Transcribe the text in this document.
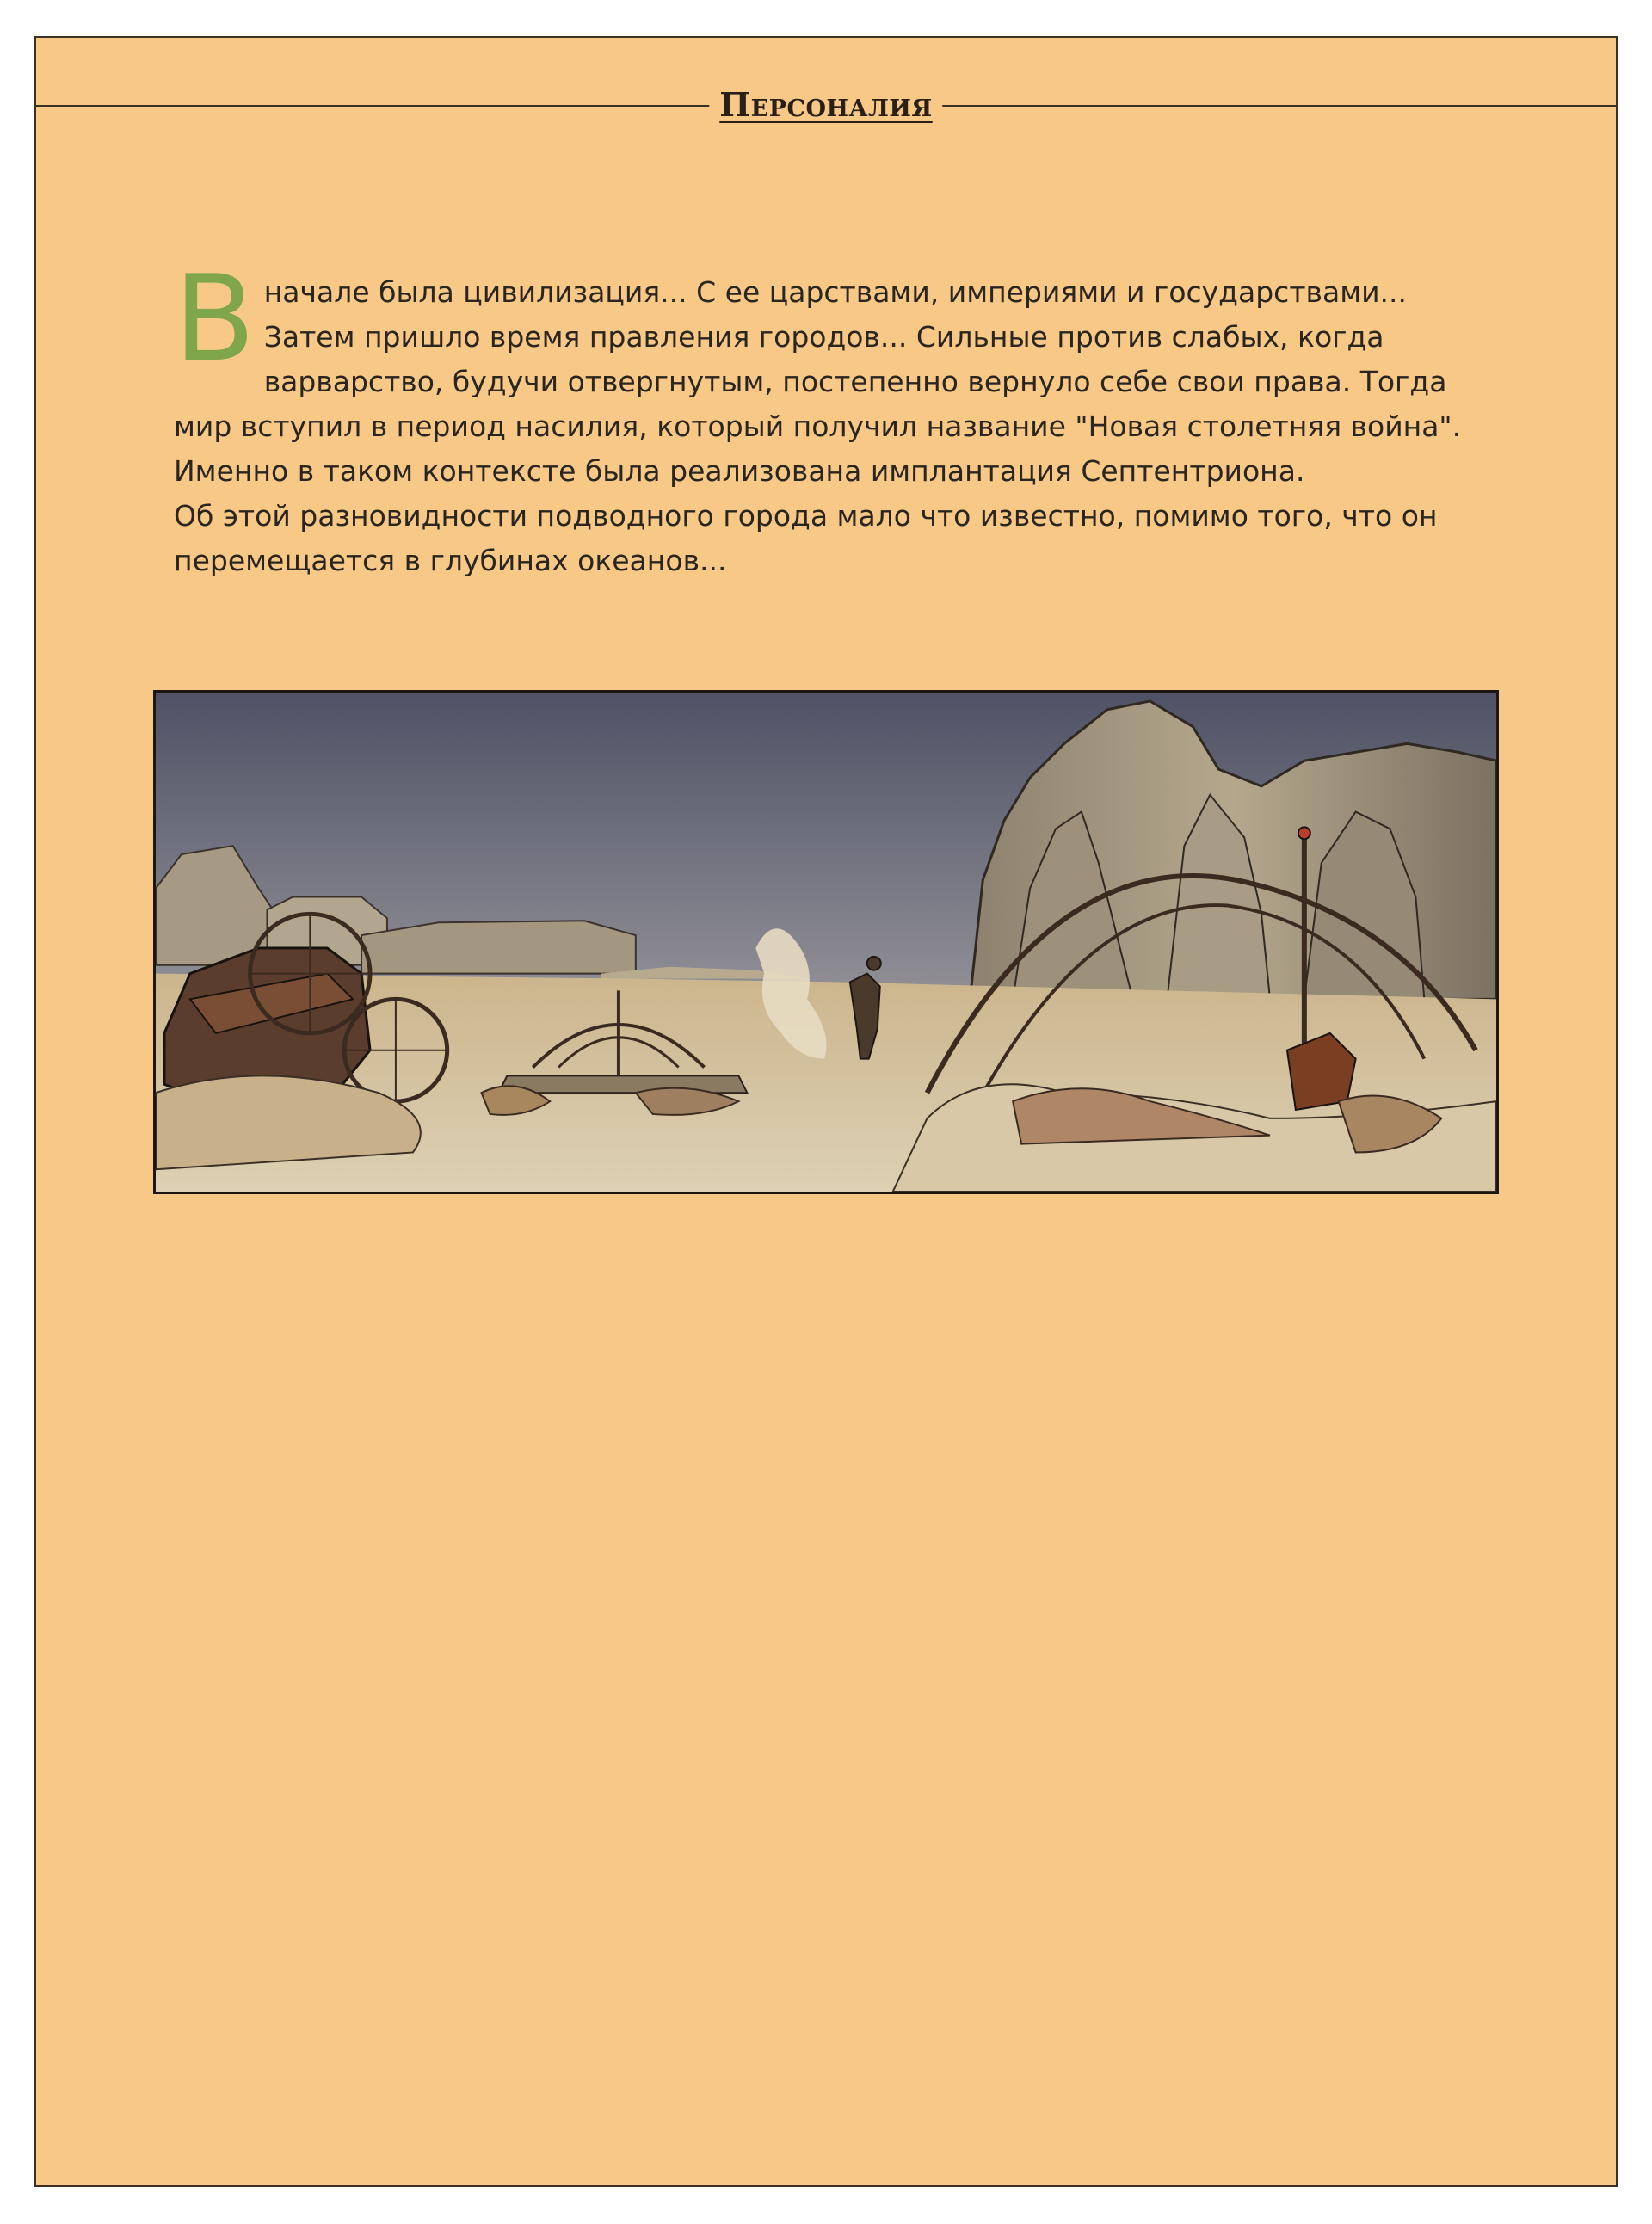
Персоналия
В начале была цивилизация... С ее царствами, империями и государствами... Затем пришло время правления городов... Сильные против слабых, когда варварство, будучи отвергнутым, постепенно вернуло себе свои права. Тогда мир вступил в период насилия, который получил название "Новая столетняя война". Именно в таком контексте была реализована имплантация Септентриона.

Об этой разновидности подводного города мало что известно, помимо того, что он перемещается в глубинах океанов...
